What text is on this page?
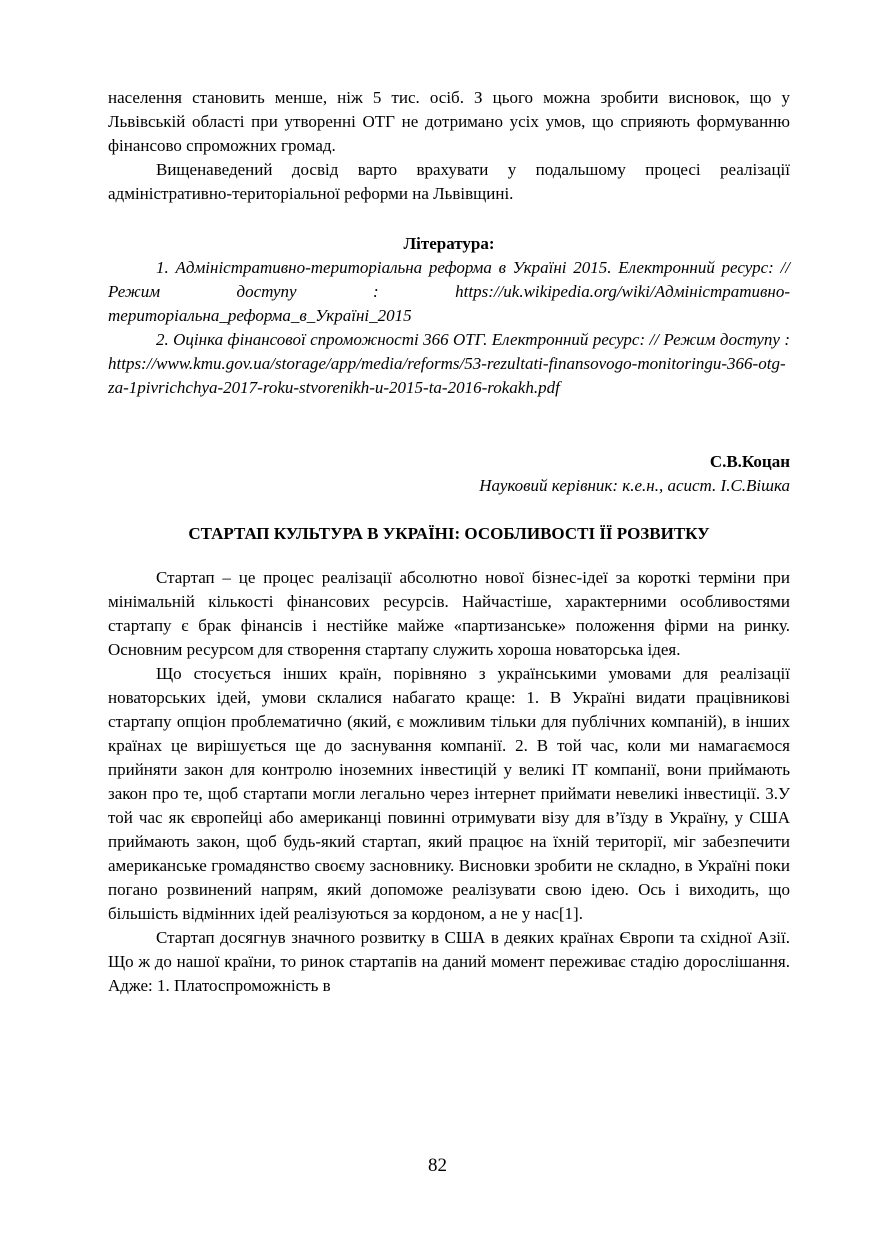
населення становить менше, ніж 5 тис. осіб. З цього можна зробити висновок, що у Львівській області при утворенні ОТГ не дотримано усіх умов, що сприяють формуванню фінансово спроможних громад.

Вищенаведений досвід варто врахувати у подальшому процесі реалізації адміністративно-територіальної реформи на Львівщині.

Література:

1. Адміністративно-територіальна реформа в Україні 2015. Електронний ресурс: // Режим доступу : https://uk.wikipedia.org/wiki/Адміністративно-територіальна_реформа_в_Україні_2015

2. Оцінка фінансової спроможності 366 ОТГ. Електронний ресурс: // Режим доступу : https://www.kmu.gov.ua/storage/app/media/reforms/53-rezultati-finansovogo-monitoringu-366-otg-za-1pivrichchya-2017-roku-stvorenikh-u-2015-ta-2016-rokakh.pdf

С.В.Коцан

Науковий керівник: к.е.н., асист. І.С.Вішка

СТАРТАП КУЛЬТУРА В УКРАЇНІ: ОСОБЛИВОСТІ ЇЇ РОЗВИТКУ

Стартап – це процес реалізації абсолютно нової бізнес-ідеї за короткі терміни при мінімальній кількості фінансових ресурсів. Найчастіше, характерними особливостями стартапу є брак фінансів і нестійке майже «партизанське» положення фірми на ринку. Основним ресурсом для створення стартапу служить хороша новаторська ідея.

Що стосується інших країн, порівняно з українськими умовами для реалізації новаторських ідей, умови склалися набагато краще: 1. В Україні видати працівникові стартапу опціон проблематично (який, є можливим тільки для публічних компаній), в інших країнах це вирішується ще до заснування компанії. 2. В той час, коли ми намагаємося прийняти закон для контролю іноземних інвестицій у великі ІТ компанії, вони приймають закон про те, щоб стартапи могли легально через інтернет приймати невеликі інвестиції. 3.У той час як європейці або американці повинні отримувати візу для в’їзду в Україну, у США приймають закон, щоб будь-який стартап, який працює на їхній території, міг забезпечити американське громадянство своєму засновнику. Висновки зробити не складно, в Україні поки погано розвинений напрям, який допоможе реалізувати свою ідею. Ось і виходить, що більшість відмінних ідей реалізуються за кордоном, а не у нас[1].

Стартап досягнув значного розвитку в США в деяких країнах Європи та східної Азії. Що ж до нашої країни, то ринок стартапів на даний момент переживає стадію дорослішання. Адже: 1. Платоспроможність в

82
